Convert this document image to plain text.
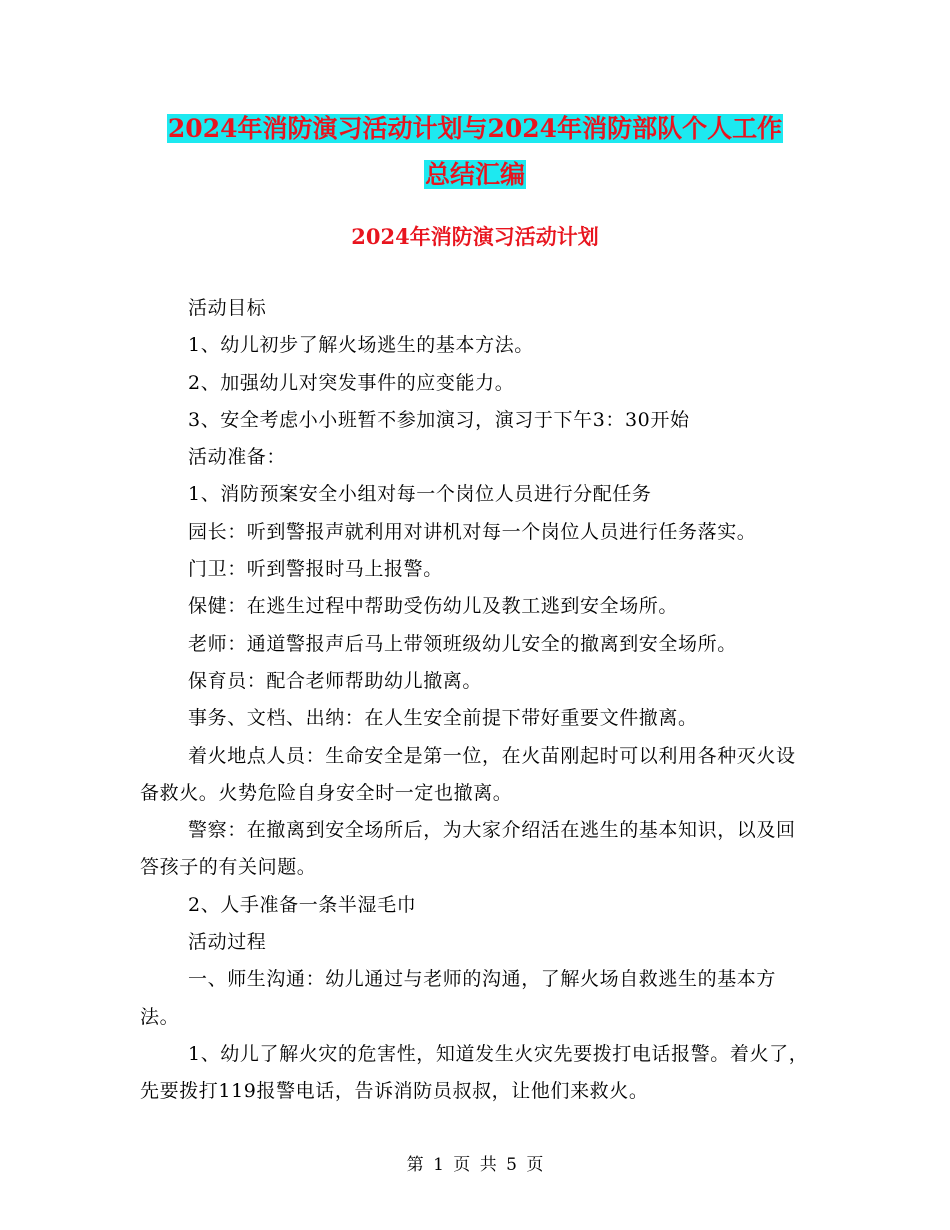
2024年消防演习活动计划与2024年消防部队个人工作
总结汇编
2024年消防演习活动计划

活动目标

1、幼儿初步了解火场逃生的基本方法。

2、加强幼儿对突发事件的应变能力。

3、安全考虑小小班暂不参加演习，演习于下午3：30开始

活动准备：

1、消防预案安全小组对每一个岗位人员进行分配任务

园长：听到警报声就利用对讲机对每一个岗位人员进行任务落实。

门卫：听到警报时马上报警。

保健：在逃生过程中帮助受伤幼儿及教工逃到安全场所。

老师：通道警报声后马上带领班级幼儿安全的撤离到安全场所。

保育员：配合老师帮助幼儿撤离。

事务、文档、出纳：在人生安全前提下带好重要文件撤离。

着火地点人员：生命安全是第一位，在火苗刚起时可以利用各种灭火设备救火。火势危险自身安全时一定也撤离。

警察：在撤离到安全场所后，为大家介绍活在逃生的基本知识，以及回答孩子的有关问题。

2、人手准备一条半湿毛巾

活动过程

一、师生沟通：幼儿通过与老师的沟通，了解火场自救逃生的基本方法。

1、幼儿了解火灾的危害性，知道发生火灾先要拨打电话报警。着火了，先要拨打119报警电话，告诉消防员叔叔，让他们来救火。

第 1 页 共 5 页
